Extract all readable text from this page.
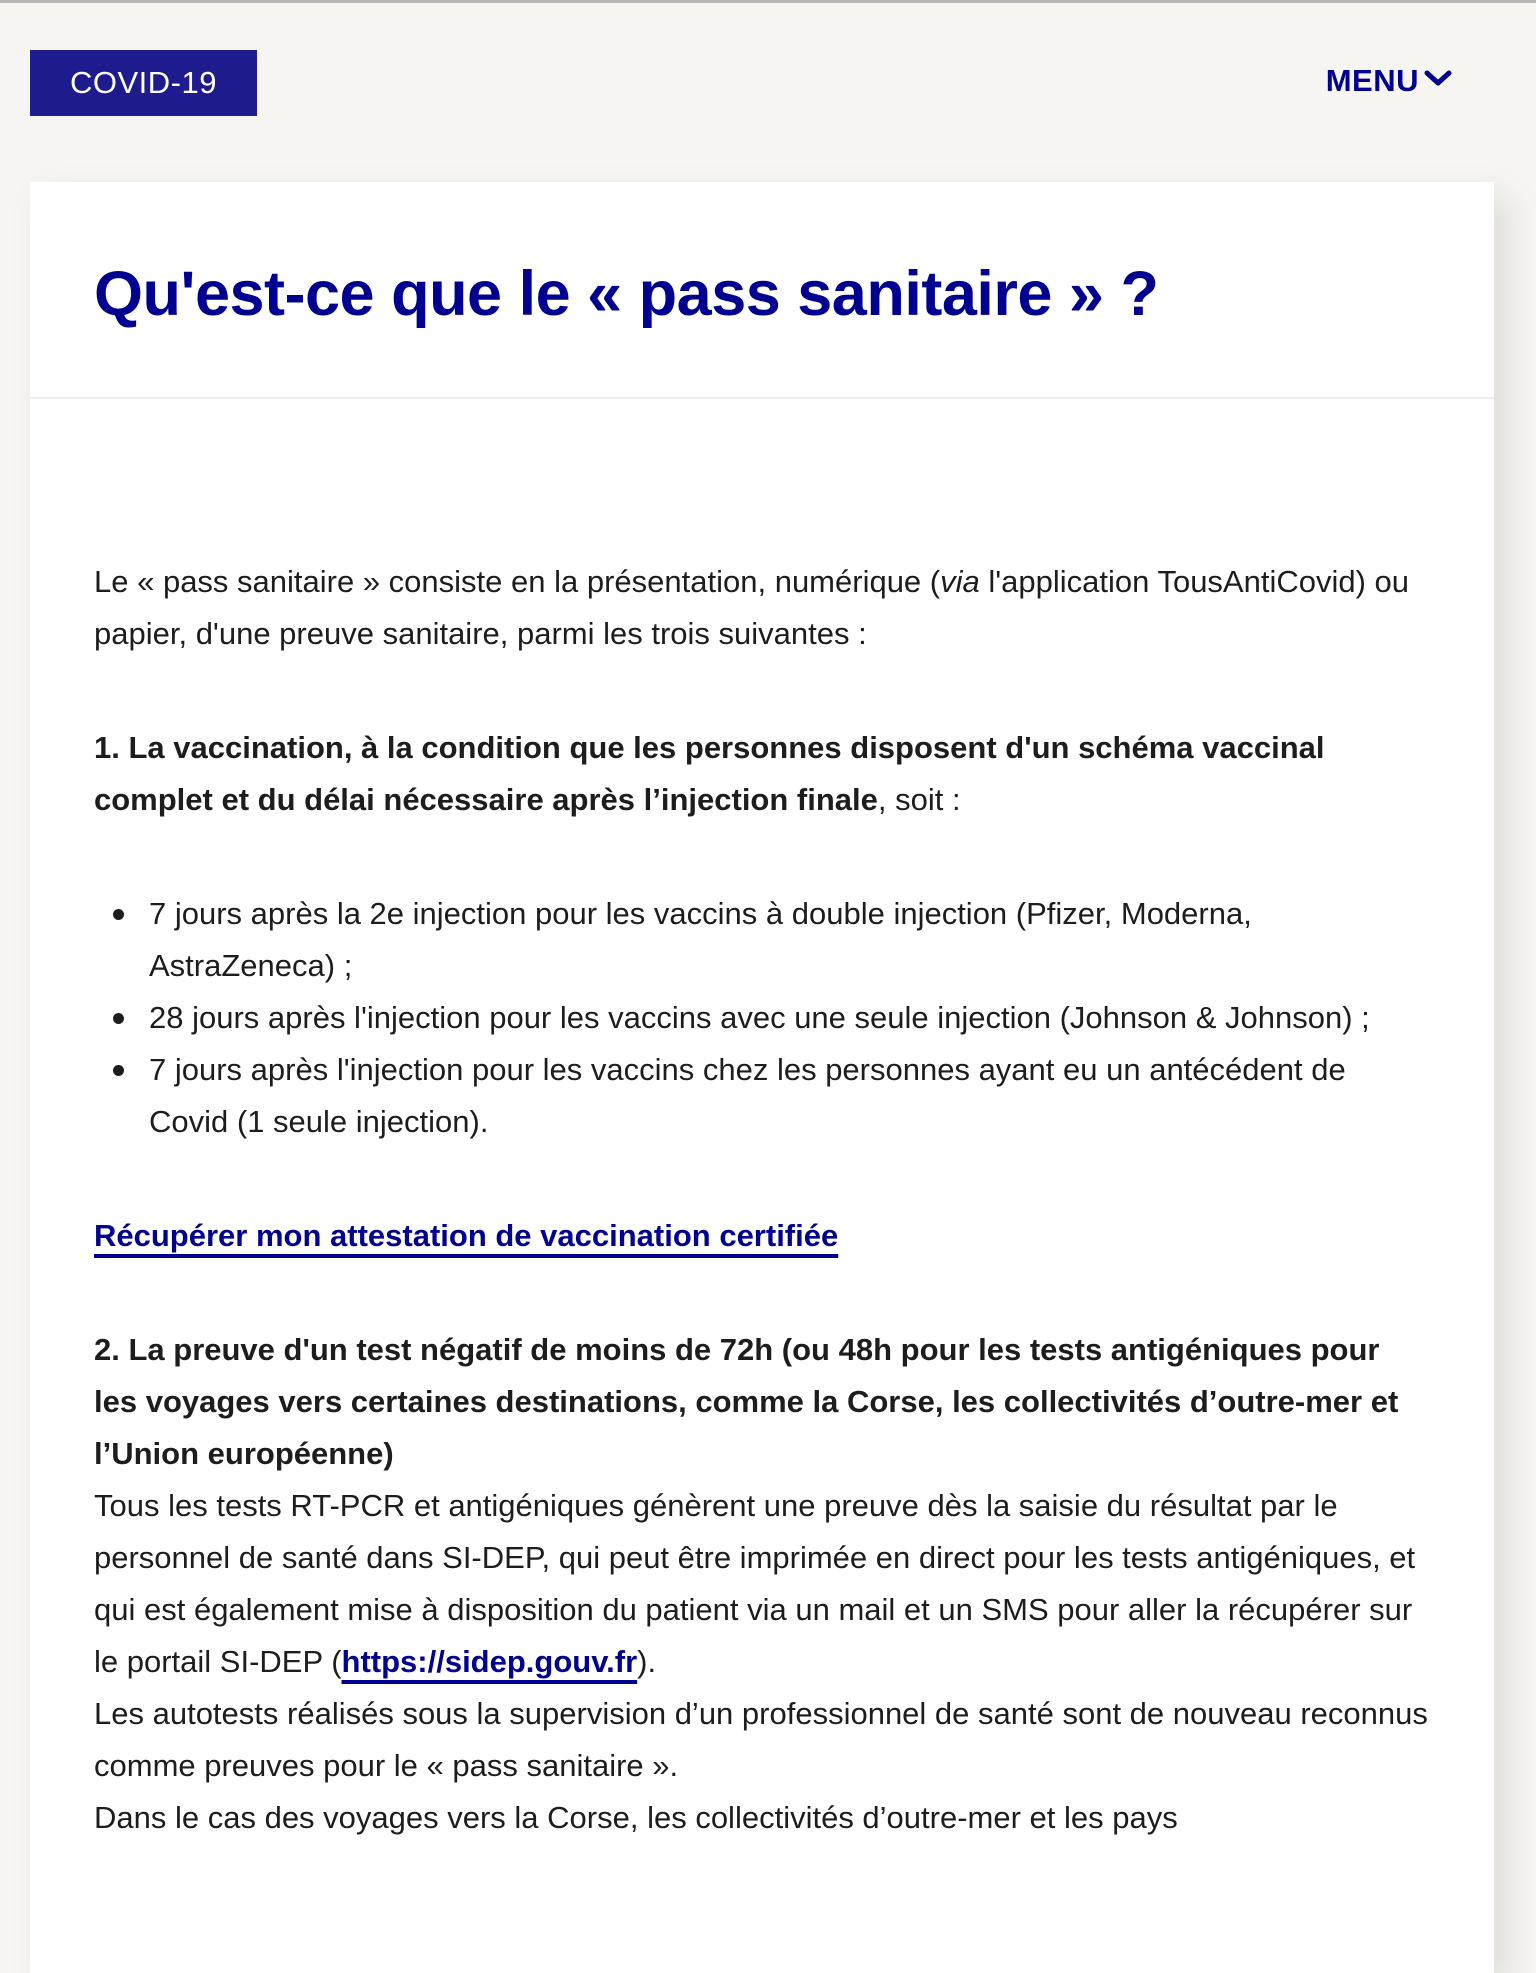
COVID-19	MENU
Qu'est-ce que le « pass sanitaire » ?

Le « pass sanitaire » consiste en la présentation, numérique (via l'application TousAntiCovid) ou papier, d'une preuve sanitaire, parmi les trois suivantes :

1. La vaccination, à la condition que les personnes disposent d'un schéma vaccinal complet et du délai nécessaire après l’injection finale, soit :

7 jours après la 2e injection pour les vaccins à double injection (Pfizer, Moderna, AstraZeneca) ;
28 jours après l'injection pour les vaccins avec une seule injection (Johnson & Johnson) ;
7 jours après l'injection pour les vaccins chez les personnes ayant eu un antécédent de Covid (1 seule injection).

Récupérer mon attestation de vaccination certifiée

2. La preuve d'un test négatif de moins de 72h (ou 48h pour les tests antigéniques pour les voyages vers certaines destinations, comme la Corse, les collectivités d’outre-mer et l’Union européenne)
Tous les tests RT-PCR et antigéniques génèrent une preuve dès la saisie du résultat par le personnel de santé dans SI-DEP, qui peut être imprimée en direct pour les tests antigéniques, et qui est également mise à disposition du patient via un mail et un SMS pour aller la récupérer sur le portail SI-DEP (https://sidep.gouv.fr).
Les autotests réalisés sous la supervision d’un professionnel de santé sont de nouveau reconnus comme preuves pour le « pass sanitaire ».
Dans le cas des voyages vers la Corse, les collectivités d’outre-mer et les pays
